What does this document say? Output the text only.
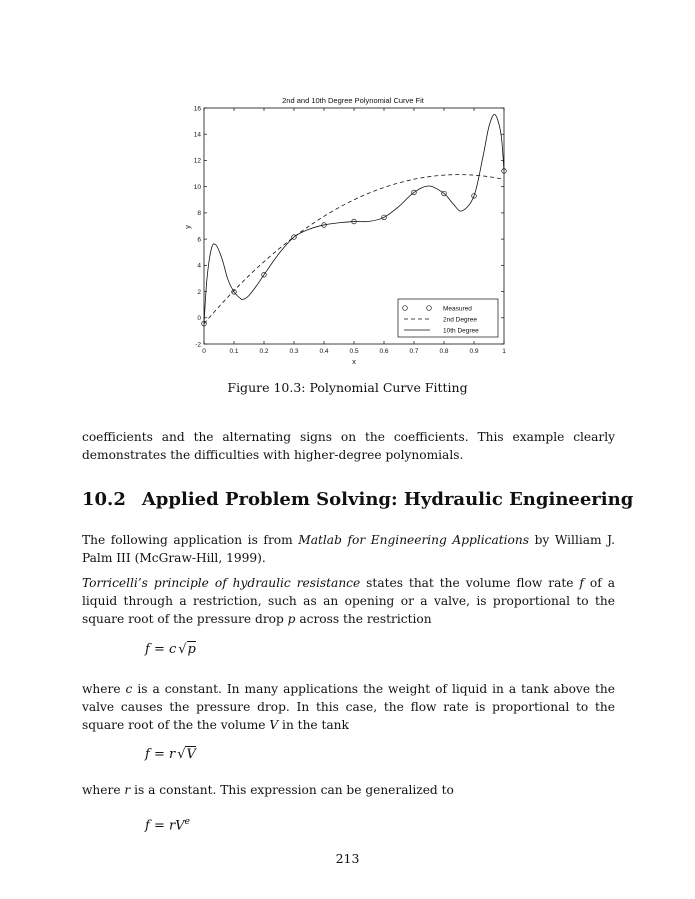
2nd and 10th Degree Polynomial Curve Fit
0	0.1	0.2	0.3	0.4	0.5	0.6	0.7	0.8	0.9	1
-2
0
2
4
6
8
10
12
14
16
x
y
Measured
2nd Degree
10th Degree
Figure 10.3: Polynomial Curve Fitting

coefficients and the alternating signs on the coefficients. This example clearly demonstrates the difficulties with higher-degree polynomials.

10.2 Applied Problem Solving: Hydraulic Engineering

The following application is from Matlab for Engineering Applications by William J. Palm III (McGraw-Hill, 1999).

Torricelli’s principle of hydraulic resistance states that the volume flow rate f of a liquid through a restriction, such as an opening or a valve, is proportional to the square root of the pressure drop p across the restriction

f = c √p

where c is a constant. In many applications the weight of liquid in a tank above the valve causes the pressure drop. In this case, the flow rate is proportional to the square root of the the volume V in the tank

f = r √V

where r is a constant. This expression can be generalized to

$f = rV^e$
213
